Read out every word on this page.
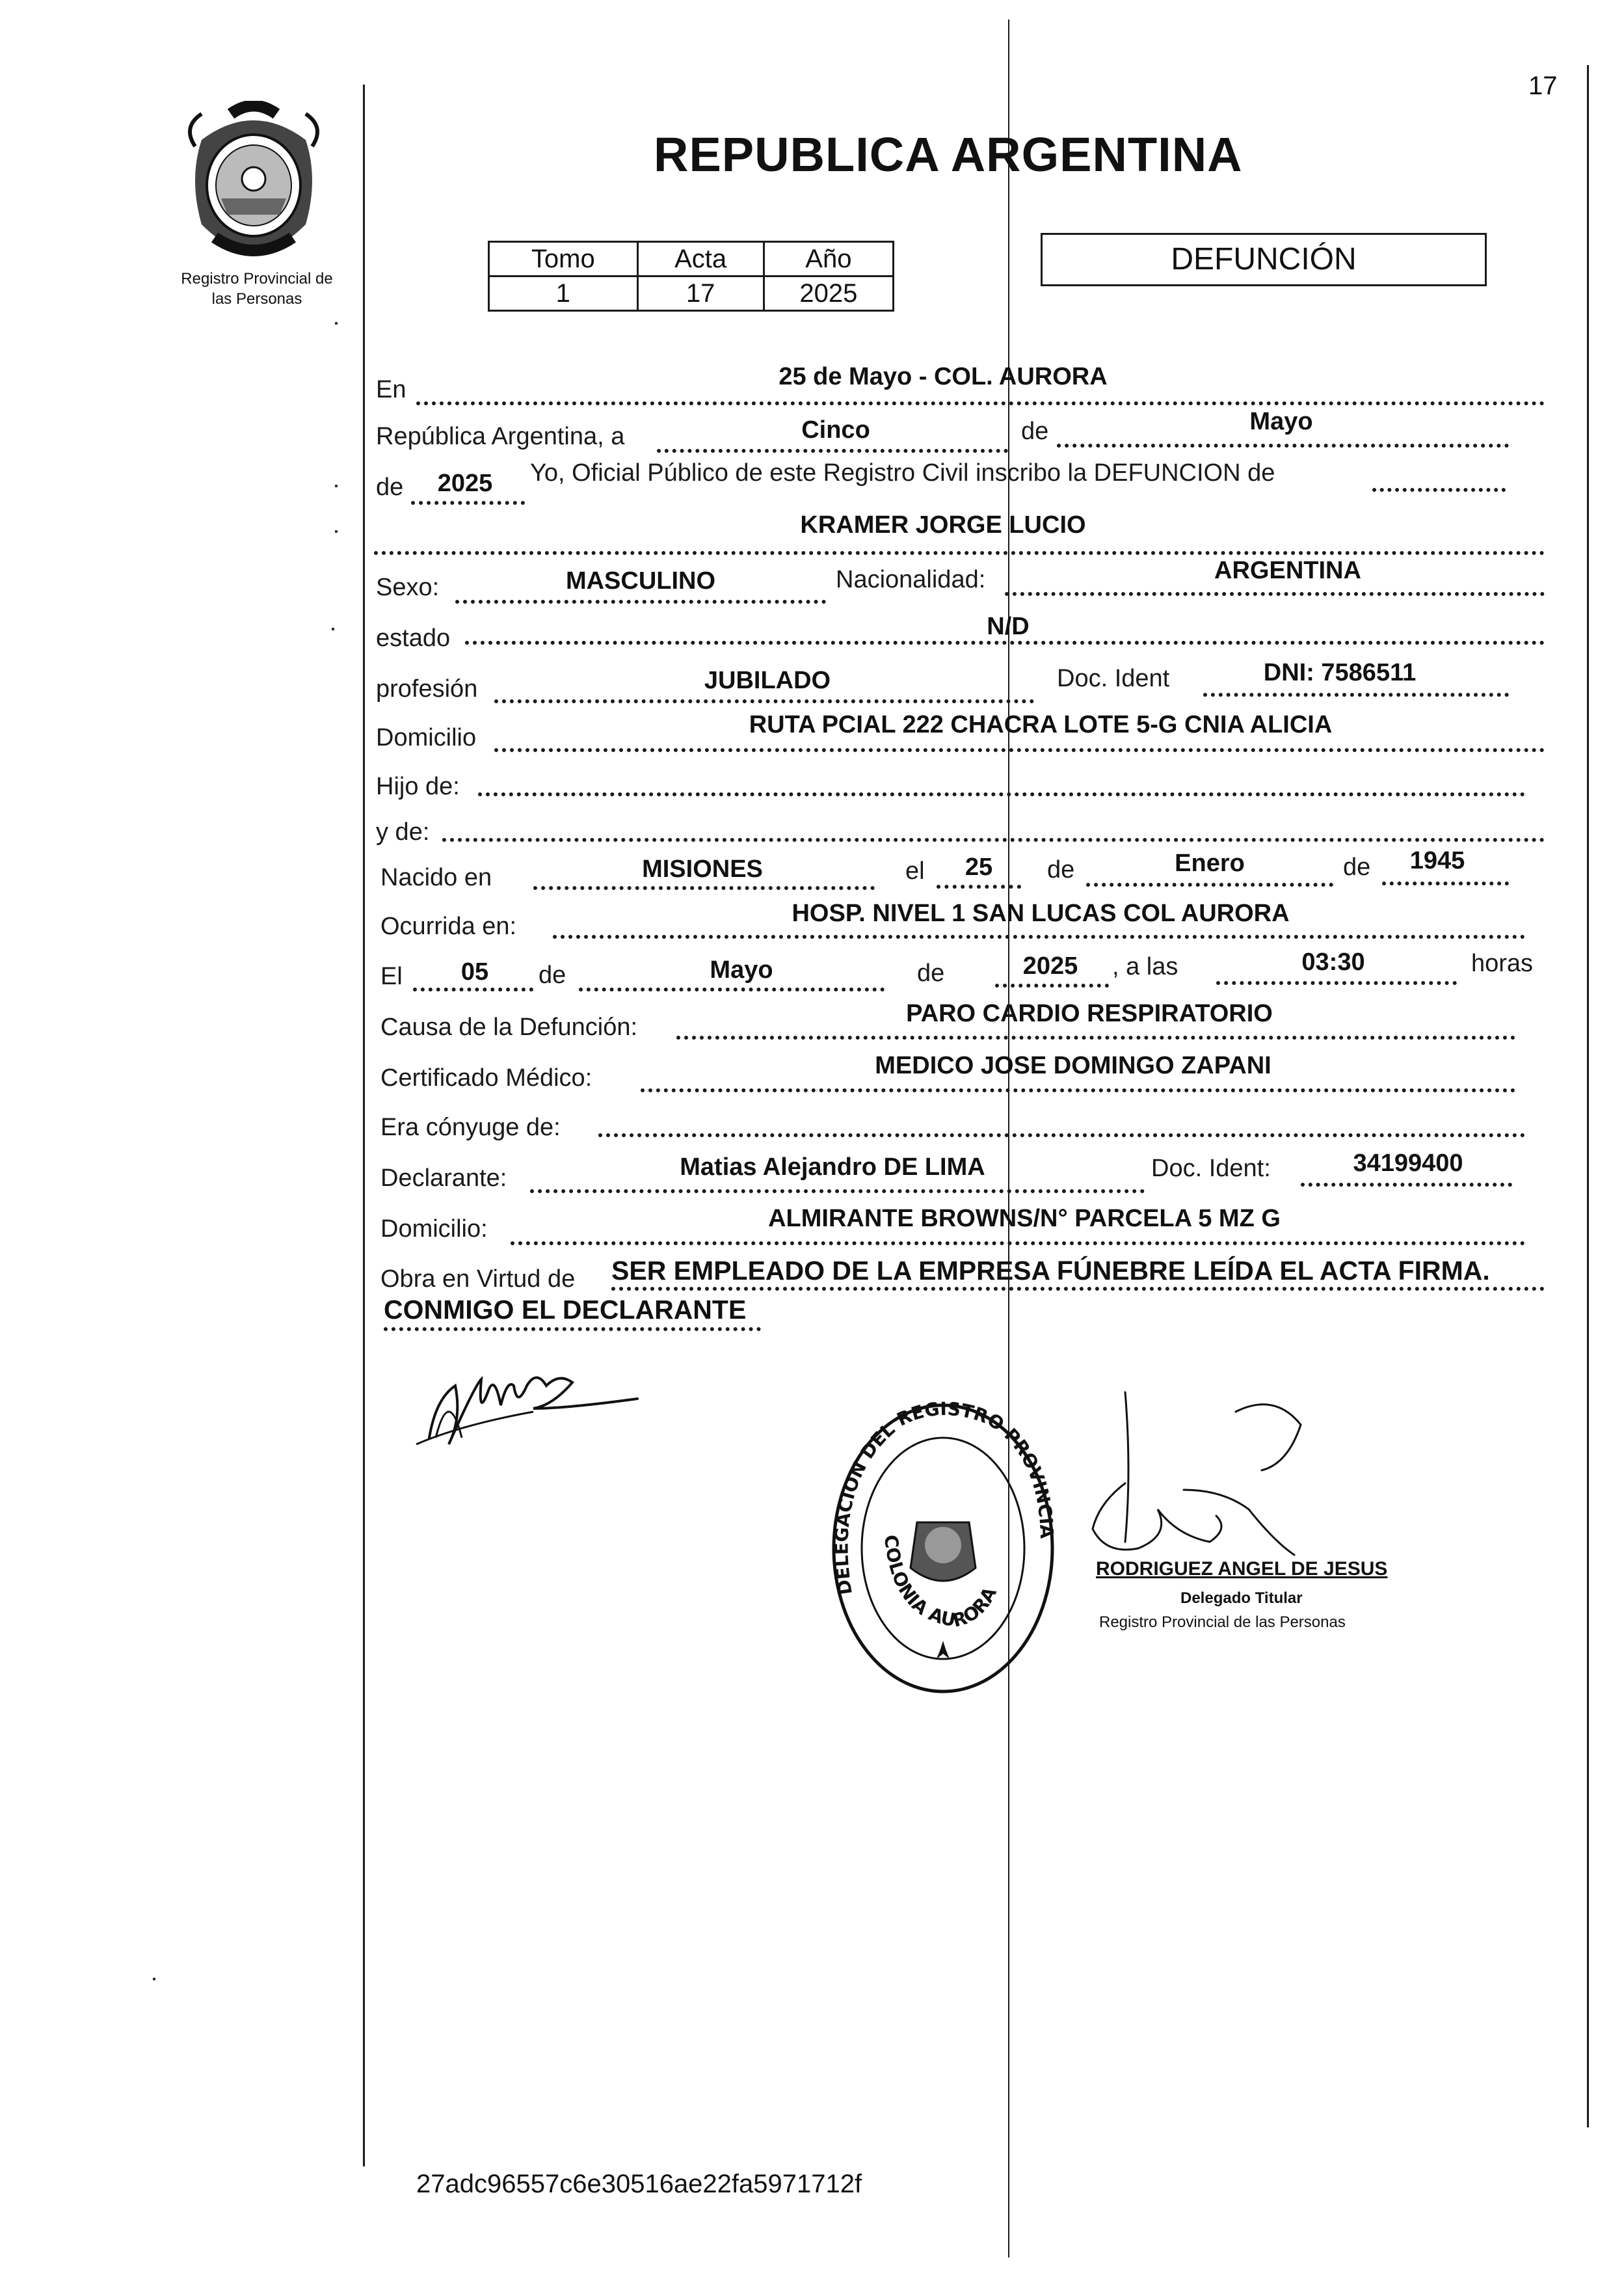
17
Registro Provincial de
las Personas
REPUBLICA ARGENTINA
Tomo	Acta	Año
1	17	2025
DEFUNCIÓN
En	25 de Mayo - COL. AURORA
República Argentina, a	Cinco	de	Mayo
de	2025	Yo, Oficial Público de este Registro Civil inscribo la DEFUNCION de
KRAMER JORGE LUCIO
Sexo:	MASCULINO	Nacionalidad:	ARGENTINA
estado	N/D
profesión	JUBILADO	Doc. Ident	DNI: 7586511
Domicilio	RUTA PCIAL 222 CHACRA LOTE 5-G CNIA ALICIA
Hijo de:
y de:
Nacido en	MISIONES	el	25	de	Enero	de	1945
Ocurrida en:	HOSP. NIVEL 1 SAN LUCAS COL AURORA
El	05	de	Mayo	de	2025	, a las	03:30	horas
Causa de la Defunción:	PARO CARDIO RESPIRATORIO
Certificado Médico:	MEDICO JOSE DOMINGO ZAPANI
Era cónyuge de:
Declarante:	Matias Alejandro DE LIMA	Doc. Ident:	34199400
Domicilio:	ALMIRANTE BROWNS/N° PARCELA 5 MZ G
Obra en Virtud de SER EMPLEADO DE LA EMPRESA FÚNEBRE LEÍDA EL ACTA FIRMA.
CONMIGO EL DECLARANTE
DELEGACION DEL REGISTRO PROVINCIA
COLONIA AURORA
RODRIGUEZ ANGEL DE JESUS
Delegado Titular
Registro Provincial de las Personas
27adc96557c6e30516ae22fa5971712f
